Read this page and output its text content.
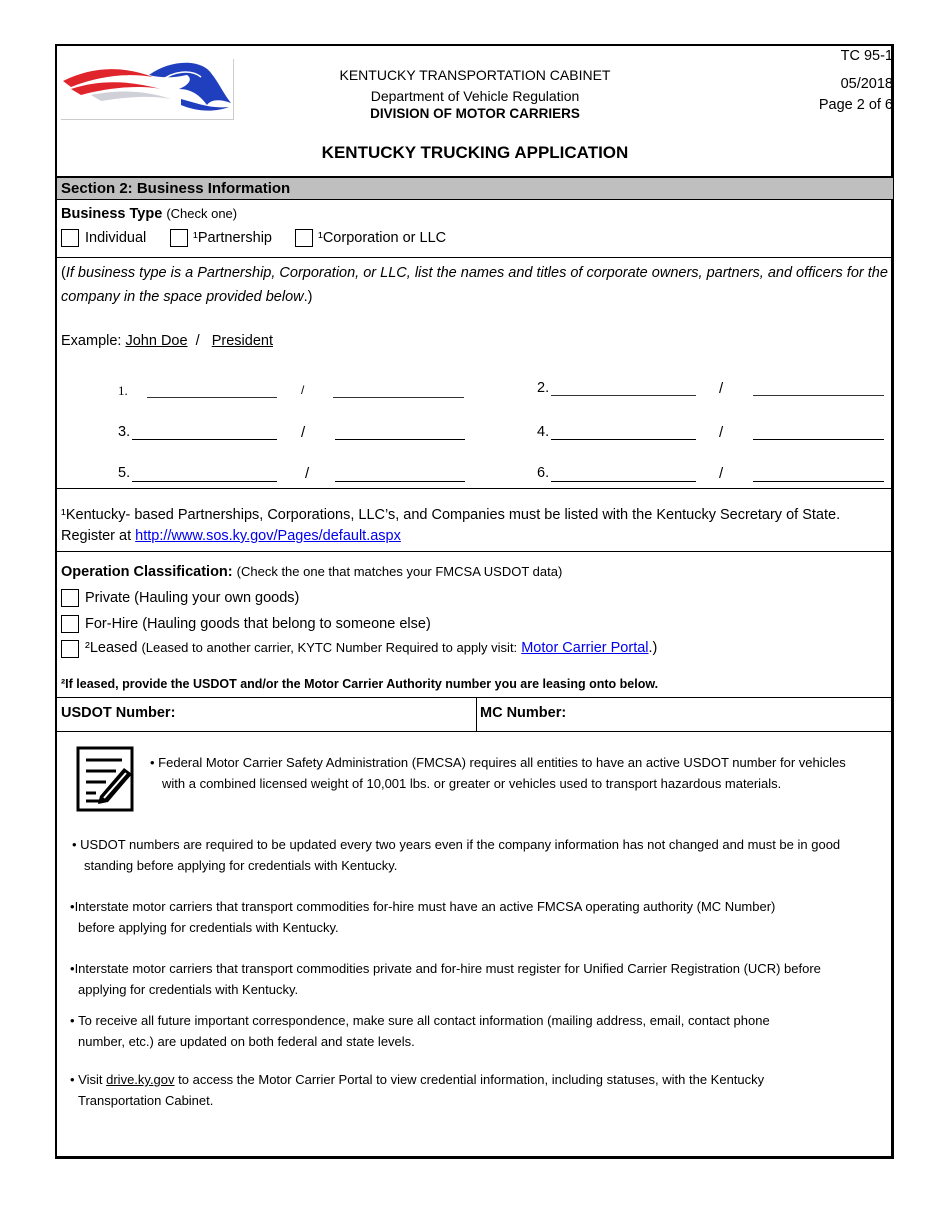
KENTUCKY TRANSPORTATION CABINET
Department of Vehicle Regulation
DIVISION OF MOTOR CARRIERS
TC 95-1
05/2018
Page 2 of 6
KENTUCKY TRUCKING APPLICATION
Section 2: Business Information
Business Type (Check one)
Individual	¹Partnership	¹Corporation or LLC
(If business type is a Partnership, Corporation, or LLC, list the names and titles of corporate owners, partners, and officers for the company in the space provided below.)
Example: John Doe  /   President
1.	/	2.	/
3.	/	4.	/
5.	/	6.	/
¹Kentucky- based Partnerships, Corporations, LLC’s, and Companies must be listed with the Kentucky Secretary of State.
Register at http://www.sos.ky.gov/Pages/default.aspx
Operation Classification: (Check the one that matches your FMCSA USDOT data)
Private (Hauling your own goods)
For-Hire (Hauling goods that belong to someone else)
²Leased (Leased to another carrier, KYTC Number Required to apply visit: Motor Carrier Portal.)
²If leased, provide the USDOT and/or the Motor Carrier Authority number you are leasing onto below.
USDOT Number:	MC Number:
• Federal Motor Carrier Safety Administration (FMCSA) requires all entities to have an active USDOT number for vehicles with a combined licensed weight of 10,001 lbs. or greater or vehicles used to transport hazardous materials.
• USDOT numbers are required to be updated every two years even if the company information has not changed and must be in good standing before applying for credentials with Kentucky.
•Interstate motor carriers that transport commodities for-hire must have an active FMCSA operating authority (MC Number) before applying for credentials with Kentucky.
•Interstate motor carriers that transport commodities private and for-hire must register for Unified Carrier Registration (UCR) before applying for credentials with Kentucky.
• To receive all future important correspondence, make sure all contact information (mailing address, email, contact phone number, etc.) are updated on both federal and state levels.
• Visit drive.ky.gov to access the Motor Carrier Portal to view credential information, including statuses, with the Kentucky Transportation Cabinet.
